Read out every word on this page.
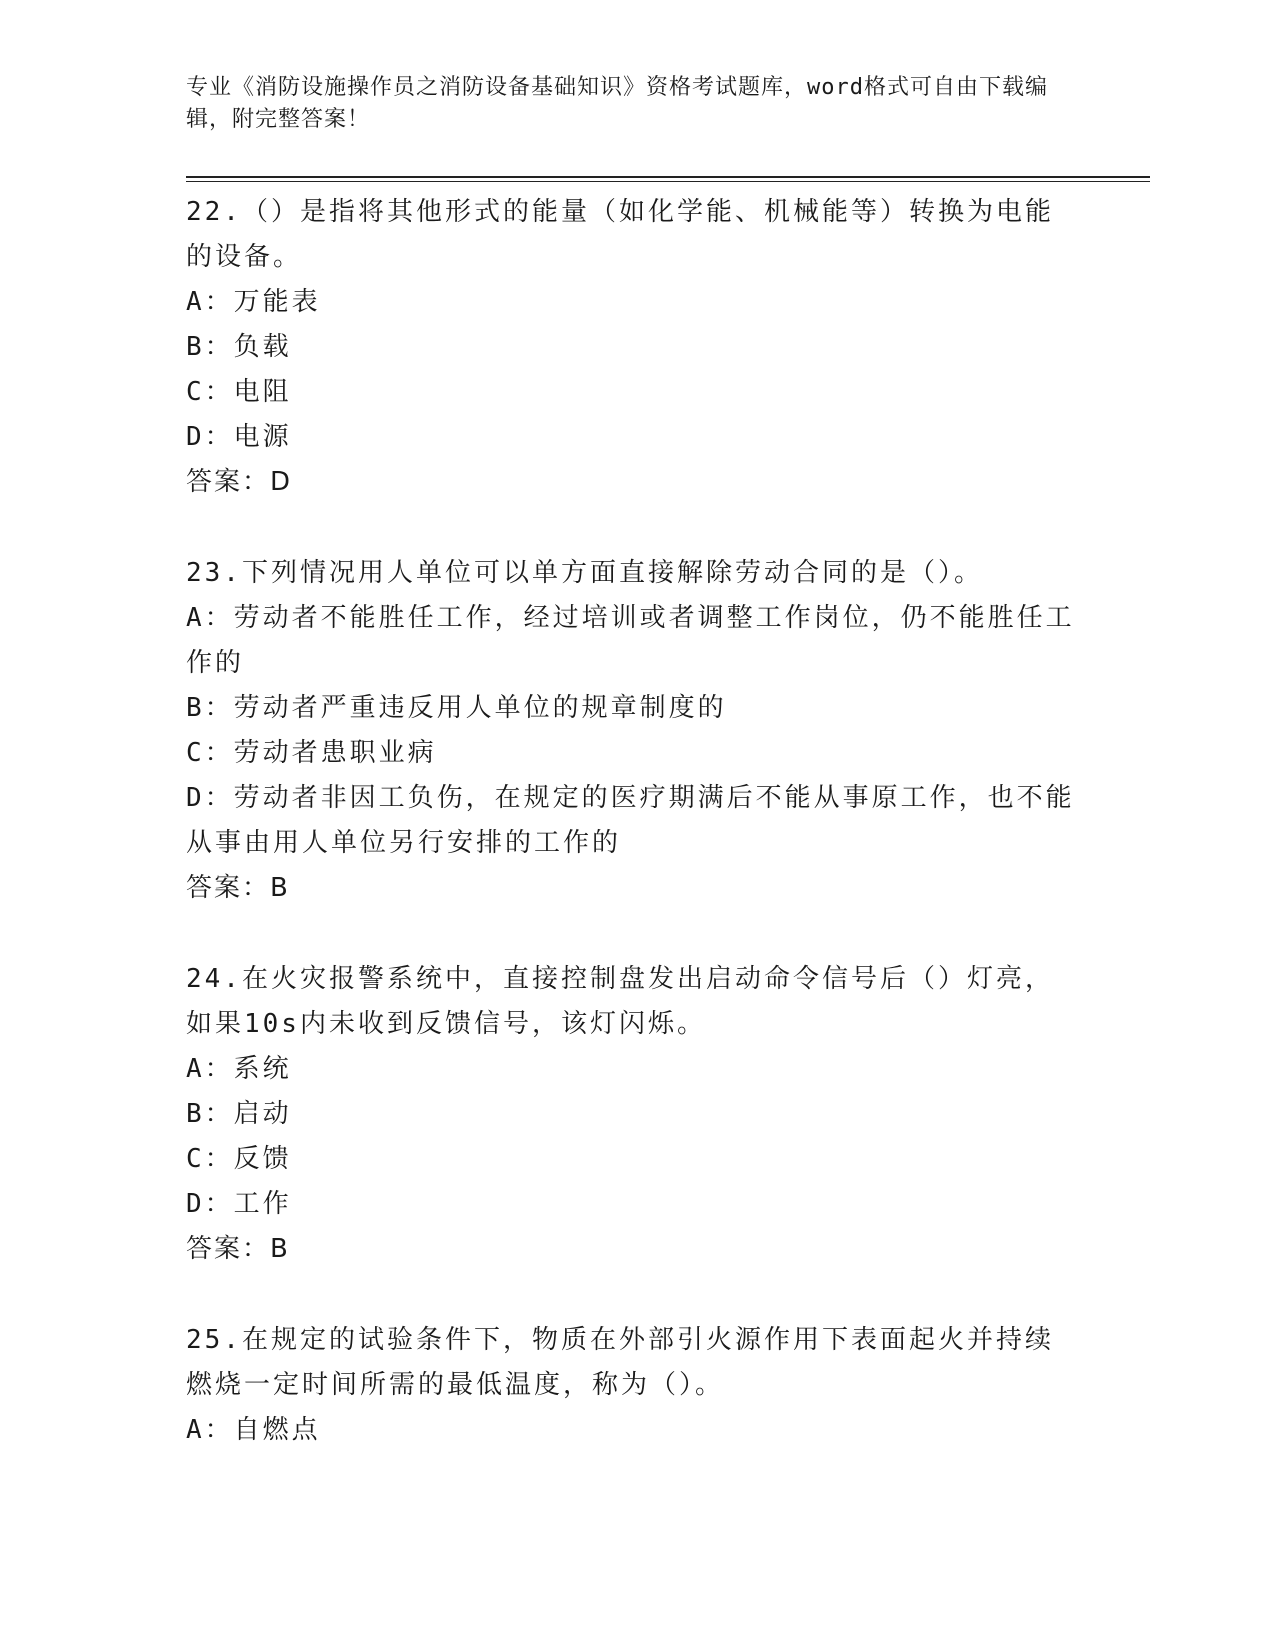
专业《消防设施操作员之消防设备基础知识》资格考试题库，word格式可自由下载编辑，附完整答案！

22.（）是指将其他形式的能量（如化学能、机械能等）转换为电能的设备。

A：万能表

B：负载

C：电阻

D：电源

答案：D

23.下列情况用人单位可以单方面直接解除劳动合同的是（）。

A：劳动者不能胜任工作，经过培训或者调整工作岗位，仍不能胜任工作的

B：劳动者严重违反用人单位的规章制度的

C：劳动者患职业病

D：劳动者非因工负伤，在规定的医疗期满后不能从事原工作，也不能从事由用人单位另行安排的工作的

答案：B

24.在火灾报警系统中，直接控制盘发出启动命令信号后（）灯亮，如果10s内未收到反馈信号，该灯闪烁。

A：系统

B：启动

C：反馈

D：工作

答案：B

25.在规定的试验条件下，物质在外部引火源作用下表面起火并持续燃烧一定时间所需的最低温度，称为（）。

A：自燃点
